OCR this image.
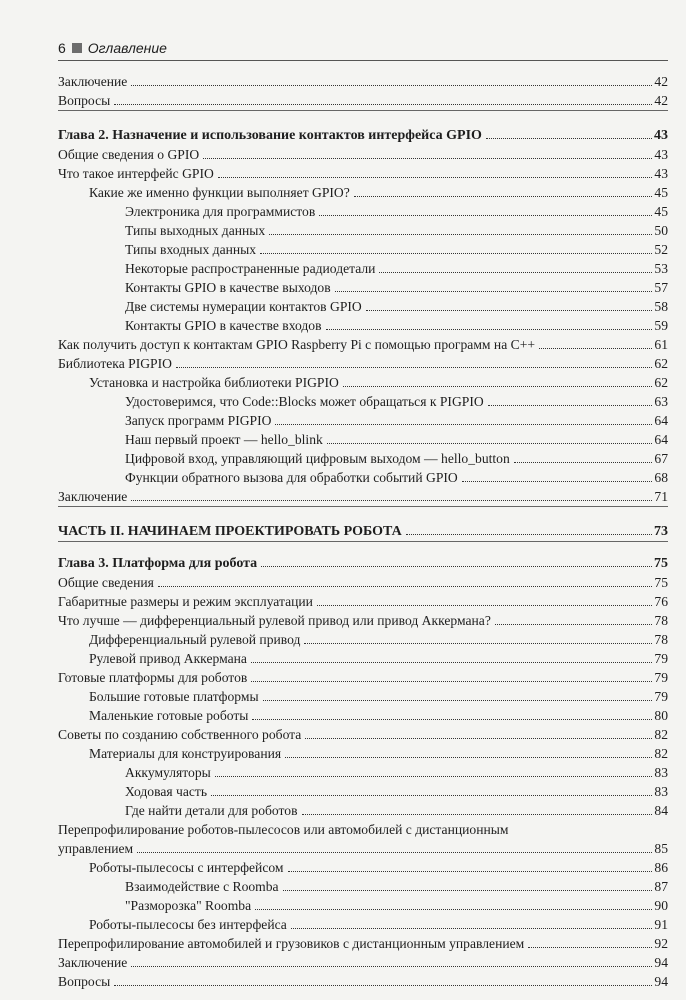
6 Оглавление
Заключение	42
Вопросы	42
Глава 2. Назначение и использование контактов интерфейса GPIO	43
Общие сведения о GPIO	43
Что такое интерфейс GPIO	43
Какие же именно функции выполняет GPIO?	45
Электроника для программистов	45
Типы выходных данных	50
Типы входных данных	52
Некоторые распространенные радиодетали	53
Контакты GPIO в качестве выходов	57
Две системы нумерации контактов GPIO	58
Контакты GPIO в качестве входов	59
Как получить доступ к контактам GPIO Raspberry Pi с помощью программ на С++	61
Библиотека PIGPIO	62
Установка и настройка библиотеки PIGPIO	62
Удостоверимся, что Code::Blocks может обращаться к PIGPIO	63
Запуск программ PIGPIO	64
Наш первый проект — hello_blink	64
Цифровой вход, управляющий цифровым выходом — hello_button	67
Функции обратного вызова для обработки событий GPIO	68
Заключение	71
ЧАСТЬ II. НАЧИНАЕМ ПРОЕКТИРОВАТЬ РОБОТА	73
Глава 3. Платформа для робота	75
Общие сведения	75
Габаритные размеры и режим эксплуатации	76
Что лучше — дифференциальный рулевой привод или привод Аккермана?	78
Дифференциальный рулевой привод	78
Рулевой привод Аккермана	79
Готовые платформы для роботов	79
Большие готовые платформы	79
Маленькие готовые роботы	80
Советы по созданию собственного робота	82
Материалы для конструирования	82
Аккумуляторы	83
Ходовая часть	83
Где найти детали для роботов	84
Перепрофилирование роботов-пылесосов или автомобилей с дистанционным
управлением	85
Роботы-пылесосы с интерфейсом	86
Взаимодействие с Roomba	87
"Разморозка" Roomba	90
Роботы-пылесосы без интерфейса	91
Перепрофилирование автомобилей и грузовиков с дистанционным управлением	92
Заключение	94
Вопросы	94
